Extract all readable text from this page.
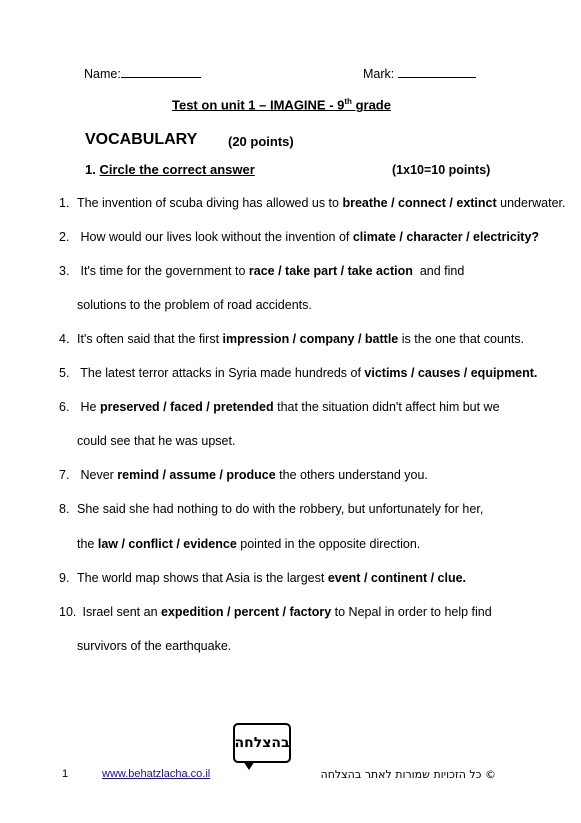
Name:	Mark:
Test on unit 1 – IMAGINE - 9th grade
VOCABULARY (20 points)
1. Circle the correct answer	(1x10=10 points)
1. The invention of scuba diving has allowed us to breathe / connect / extinct underwater.
2. How would our lives look without the invention of climate / character / electricity?
3. It's time for the government to race / take part / take action  and find
solutions to the problem of road accidents.
4. It's often said that the first impression / company / battle is the one that counts.
5. The latest terror attacks in Syria made hundreds of victims / causes / equipment.
6. He preserved / faced / pretended that the situation didn't affect him but we
could see that he was upset.
7. Never remind / assume / produce the others understand you.
8. She said she had nothing to do with the robbery, but unfortunately for her,
the law / conflict / evidence pointed in the opposite direction.
9. The world map shows that Asia is the largest event / continent / clue.
10. Israel sent an expedition / percent / factory to Nepal in order to help find
survivors of the earthquake.
בהצלחה
1	www.behatzlacha.co.il	© כל הזכויות שמורות לאתר בהצלחה
